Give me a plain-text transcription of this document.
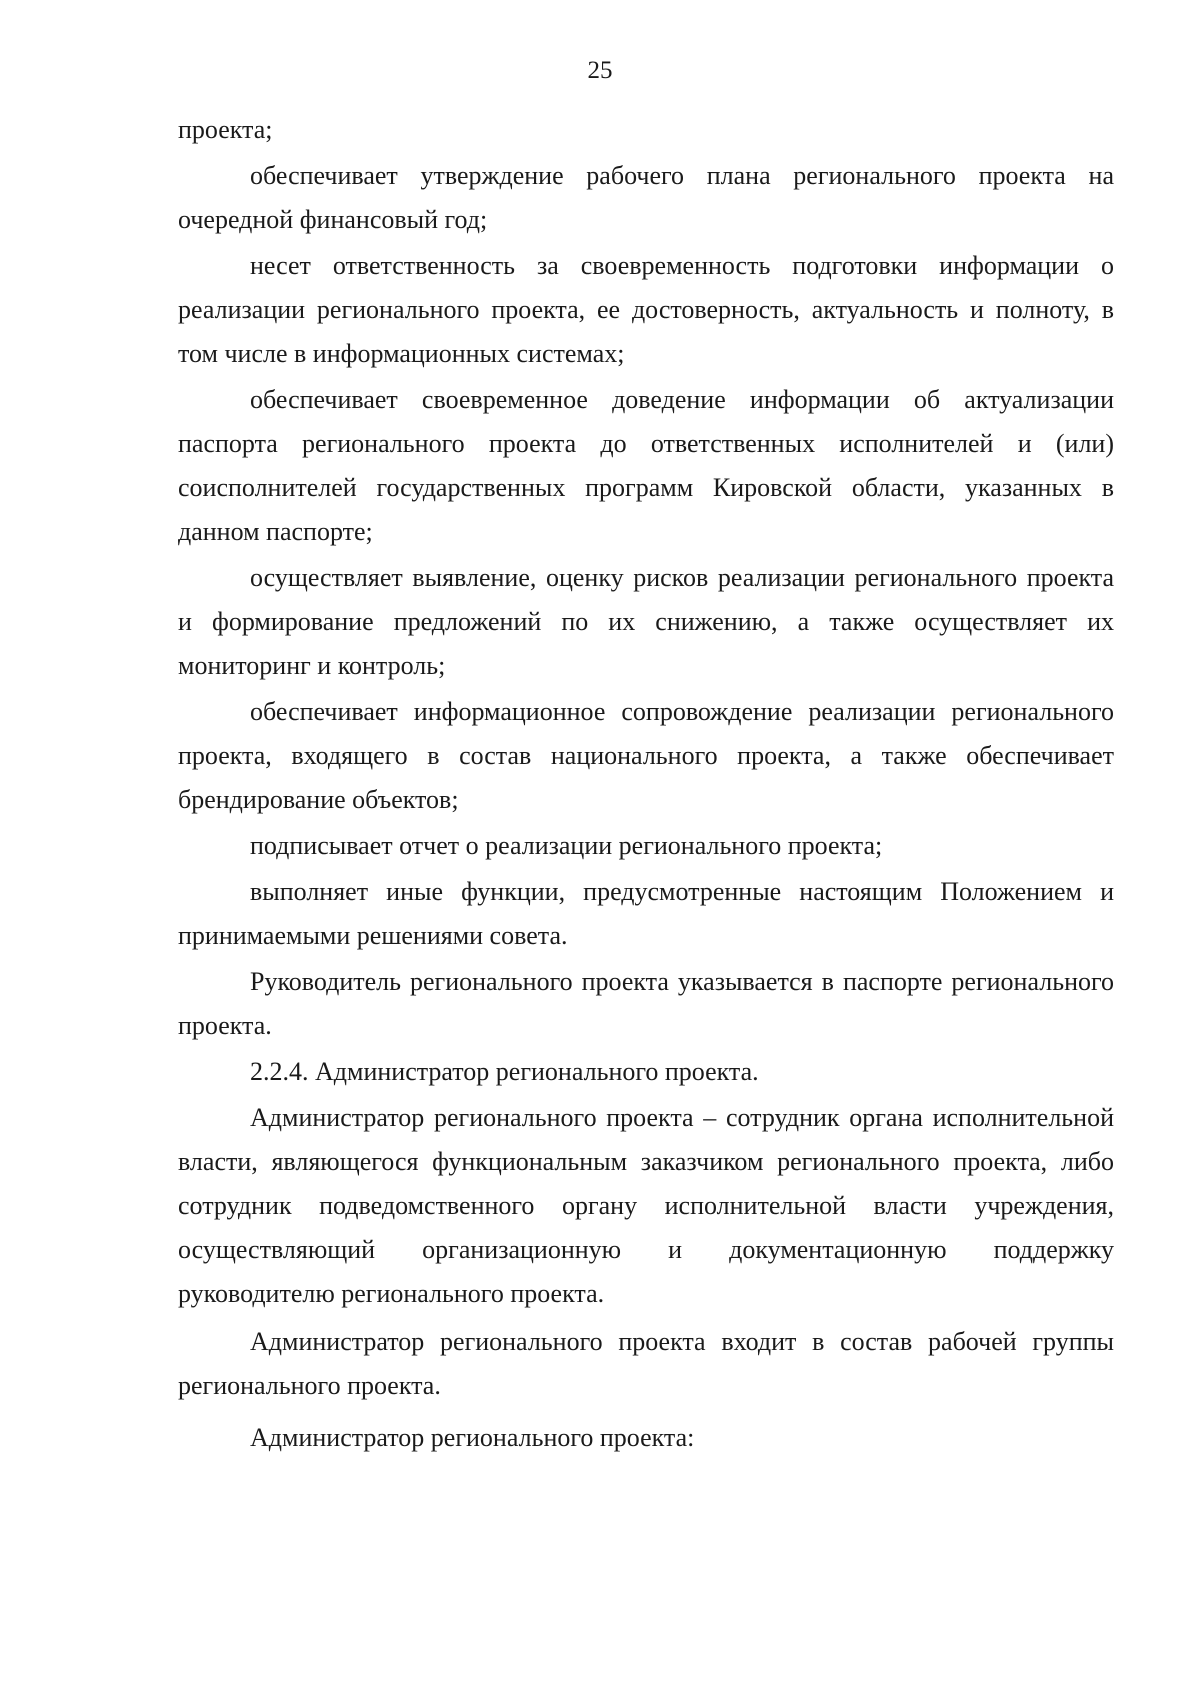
25

проекта;

обеспечивает утверждение рабочего плана регионального проекта на очередной финансовый год;

несет ответственность за своевременность подготовки информации о реализации регионального проекта, ее достоверность, актуальность и полноту, в том числе в информационных системах;

обеспечивает своевременное доведение информации об актуализации паспорта регионального проекта до ответственных исполнителей и (или) соисполнителей государственных программ Кировской области, указанных в данном паспорте;

осуществляет выявление, оценку рисков реализации регионального проекта и формирование предложений по их снижению, а также осуществляет их мониторинг и контроль;

обеспечивает информационное сопровождение реализации регионального проекта, входящего в состав национального проекта, а также обеспечивает брендирование объектов;

подписывает отчет о реализации регионального проекта;

выполняет иные функции, предусмотренные настоящим Положением и принимаемыми решениями совета.

Руководитель регионального проекта указывается в паспорте регионального проекта.

2.2.4. Администратор регионального проекта.

Администратор регионального проекта – сотрудник органа исполнительной власти, являющегося функциональным заказчиком регионального проекта, либо сотрудник подведомственного органу исполнительной власти учреждения, осуществляющий организационную и документационную поддержку руководителю регионального проекта.

Администратор регионального проекта входит в состав рабочей группы регионального проекта.

Администратор регионального проекта:
